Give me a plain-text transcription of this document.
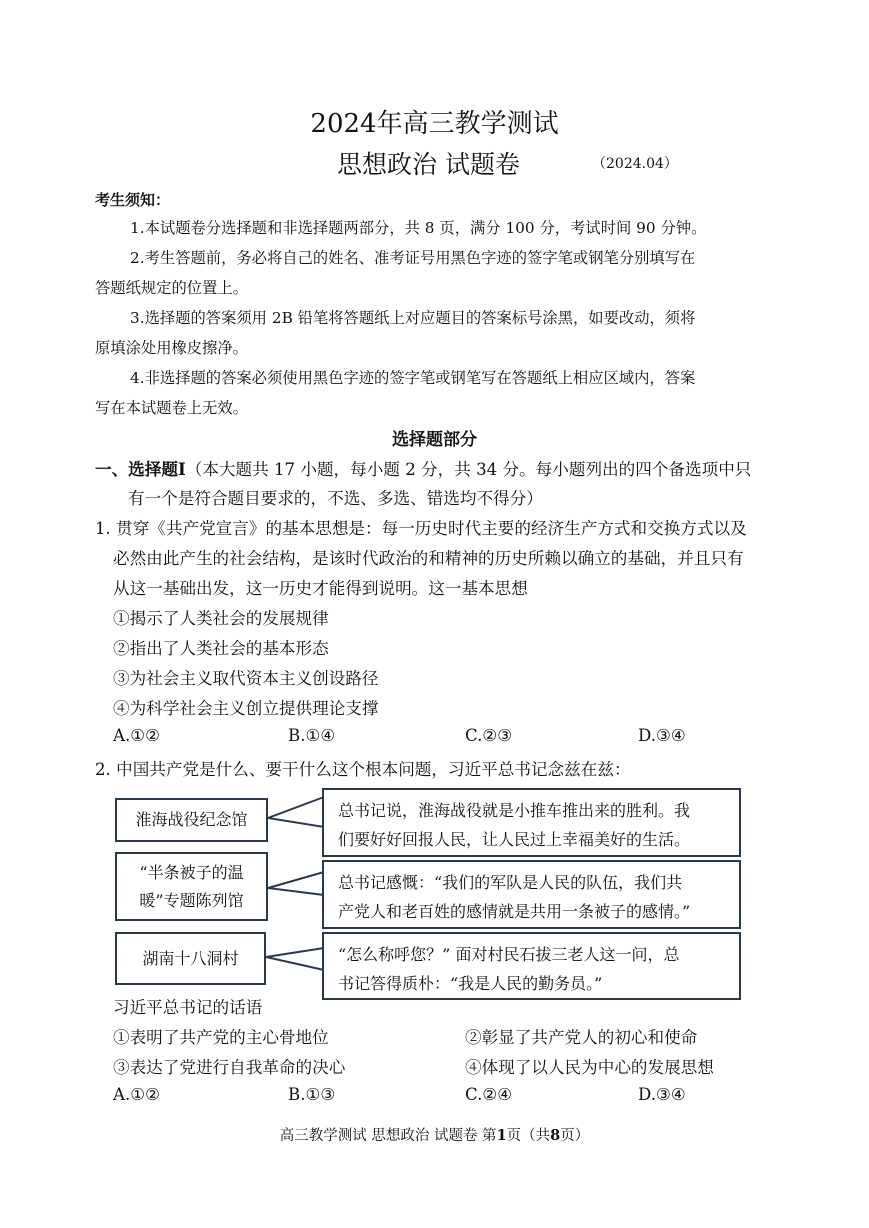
2024年高三教学测试
思想政治 试题卷	（2024.04）
考生须知：
1.本试题卷分选择题和非选择题两部分，共 8 页，满分 100 分，考试时间 90 分钟。
2.考生答题前，务必将自己的姓名、准考证号用黑色字迹的签字笔或钢笔分别填写在
答题纸规定的位置上。
3.选择题的答案须用 2B 铅笔将答题纸上对应题目的答案标号涂黑，如要改动，须将
原填涂处用橡皮擦净。
4.非选择题的答案必须使用黑色字迹的签字笔或钢笔写在答题纸上相应区域内，答案
写在本试题卷上无效。
选择题部分
一、选择题Ⅰ（本大题共 17 小题，每小题 2 分，共 34 分。每小题列出的四个备选项中只
有一个是符合题目要求的，不选、多选、错选均不得分）
1. 贯穿《共产党宣言》的基本思想是：每一历史时代主要的经济生产方式和交换方式以及
必然由此产生的社会结构，是该时代政治的和精神的历史所赖以确立的基础，并且只有
从这一基础出发，这一历史才能得到说明。这一基本思想
①揭示了人类社会的发展规律
②指出了人类社会的基本形态
③为社会主义取代资本主义创设路径
④为科学社会主义创立提供理论支撑
A.①②	B.①④	C.②③	D.③④
2. 中国共产党是什么、要干什么这个根本问题，习近平总书记念兹在兹：
淮海战役纪念馆	总书记说，淮海战役就是小推车推出来的胜利。我
们要好好回报人民，让人民过上幸福美好的生活。
“半条被子的温
暖”专题陈列馆
总书记感慨：“我们的军队是人民的队伍，我们共
产党人和老百姓的感情就是共用一条被子的感情。”
湖南十八洞村	“怎么称呼您？” 面对村民石拔三老人这一问，总
书记答得质朴：“我是人民的勤务员。”
习近平总书记的话语
①表明了共产党的主心骨地位	②彰显了共产党人的初心和使命
③表达了党进行自我革命的决心	④体现了以人民为中心的发展思想
A.①②	B.①③	C.②④	D.③④
高三教学测试 思想政治 试题卷 第1页（共8页）
